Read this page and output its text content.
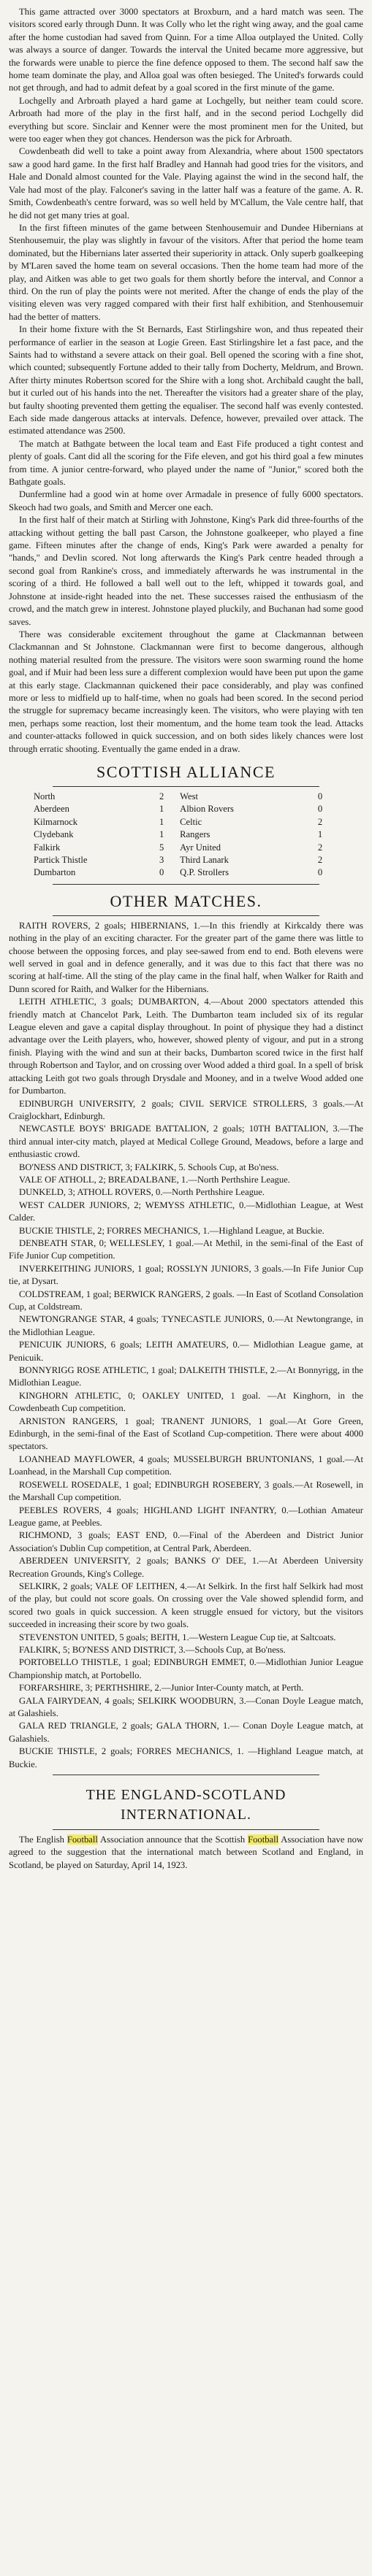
This game attracted over 3000 spectators at Broxburn, and a hard match was seen. The visitors scored early through Dunn. It was Colly who let the right wing away, and the goal came after the home custodian had saved from Quinn. For a time Alloa outplayed the United. Colly was always a source of danger. Towards the interval the United became more aggressive, but the forwards were unable to pierce the fine defence opposed to them. The second half saw the home team dominate the play, and Alloa goal was often besieged. The United's forwards could not get through, and had to admit defeat by a goal scored in the first minute of the game.

Lochgelly and Arbroath played a hard game at Lochgelly, but neither team could score. Arbroath had more of the play in the first half, and in the second period Lochgelly did everything but score. Sinclair and Kenner were the most prominent men for the United, but were too eager when they got chances. Henderson was the pick for Arbroath.

Cowdenbeath did well to take a point away from Alexandria, where about 1500 spectators saw a good hard game. In the first half Bradley and Hannah had good tries for the visitors, and Hale and Donald almost counted for the Vale. Playing against the wind in the second half, the Vale had most of the play. Falconer's saving in the latter half was a feature of the game. A. R. Smith, Cowdenbeath's centre forward, was so well held by M'Callum, the Vale centre half, that he did not get many tries at goal.

In the first fifteen minutes of the game between Stenhousemuir and Dundee Hibernians at Stenhousemuir, the play was slightly in favour of the visitors. After that period the home team dominated, but the Hibernians later asserted their superiority in attack. Only superb goalkeeping by M'Laren saved the home team on several occasions. Then the home team had more of the play, and Aitken was able to get two goals for them shortly before the interval, and Connor a third. On the run of play the points were not merited. After the change of ends the play of the visiting eleven was very ragged compared with their first half exhibition, and Stenhousemuir had the better of matters.

In their home fixture with the St Bernards, East Stirlingshire won, and thus repeated their performance of earlier in the season at Logie Green. East Stirlingshire let a fast pace, and the Saints had to withstand a severe attack on their goal. Bell opened the scoring with a fine shot, which counted; subsequently Fortune added to their tally from Docherty, Meldrum, and Brown. After thirty minutes Robertson scored for the Shire with a long shot. Archibald caught the ball, but it curled out of his hands into the net. Thereafter the visitors had a greater share of the play, but faulty shooting prevented them getting the equaliser. The second half was evenly contested. Each side made dangerous attacks at intervals. Defence, however, prevailed over attack. The estimated attendance was 2500.

The match at Bathgate between the local team and East Fife produced a tight contest and plenty of goals. Cant did all the scoring for the Fife eleven, and got his third goal a few minutes from time. A junior centre-forward, who played under the name of "Junior," scored both the Bathgate goals.

Dunfermline had a good win at home over Armadale in presence of fully 6000 spectators. Skeoch had two goals, and Smith and Mercer one each.

In the first half of their match at Stirling with Johnstone, King's Park did three-fourths of the attacking without getting the ball past Carson, the Johnstone goalkeeper, who played a fine game. Fifteen minutes after the change of ends, King's Park were awarded a penalty for "hands," and Devlin scored. Not long afterwards the King's Park centre headed through a second goal from Rankine's cross, and immediately afterwards he was instrumental in the scoring of a third. He followed a ball well out to the left, whipped it towards goal, and Johnstone at inside-right headed into the net. These successes raised the enthusiasm of the crowd, and the match grew in interest. Johnstone played pluckily, and Buchanan had some good saves.

There was considerable excitement throughout the game at Clackmannan between Clackmannan and St Johnstone. Clackmannan were first to become dangerous, although nothing material resulted from the pressure. The visitors were soon swarming round the home goal, and if Muir had been less sure a different complexion would have been put upon the game at this early stage. Clackmannan quickened their pace considerably, and play was confined more or less to midfield up to half-time, when no goals had been scored. In the second period the struggle for supremacy became increasingly keen. The visitors, who were playing with ten men, perhaps some reaction, lost their momentum, and the home team took the lead. Attacks and counter-attacks followed in quick succession, and on both sides likely chances were lost through erratic shooting. Eventually the game ended in a draw.

SCOTTISH ALLIANCE
North	2	West	0
Aberdeen	1	Albion Rovers	0
Kilmarnock	1	Celtic	2
Clydebank	1	Rangers	1
Falkirk	5	Ayr United	2
Partick Thistle	3	Third Lanark	2
Dumbarton	0	Q.P. Strollers	0
OTHER MATCHES.

RAITH ROVERS, 2 goals; HIBERNIANS, 1.—In this friendly at Kirkcaldy there was nothing in the play of an exciting character. For the greater part of the game there was little to choose between the opposing forces, and play see-sawed from end to end. Both elevens were well served in goal and in defence generally, and it was due to this fact that there was no scoring at half-time. All the sting of the play came in the final half, when Walker for Raith and Dunn scored for Raith, and Walker for the Hibernians.

LEITH ATHLETIC, 3 goals; DUMBARTON, 4.—About 2000 spectators attended this friendly match at Chancelot Park, Leith. The Dumbarton team included six of its regular League eleven and gave a capital display throughout. In point of physique they had a distinct advantage over the Leith players, who, however, showed plenty of vigour, and put in a strong finish. Playing with the wind and sun at their backs, Dumbarton scored twice in the first half through Robertson and Taylor, and on crossing over Wood added a third goal. In a spell of brisk attacking Leith got two goals through Drysdale and Mooney, and in a twelve Wood added one for Dumbarton.

EDINBURGH UNIVERSITY, 2 goals; CIVIL SERVICE STROLLERS, 3 goals.—At Craiglockhart, Edinburgh.

NEWCASTLE BOYS' BRIGADE BATTALION, 2 goals; 10TH BATTALION, 3.—The third annual inter-city match, played at Medical College Ground, Meadows, before a large and enthusiastic crowd.

BO'NESS AND DISTRICT, 3; FALKIRK, 5. Schools Cup, at Bo'ness.

VALE OF ATHOLL, 2; BREADALBANE, 1.—North Perthshire League.

DUNKELD, 3; ATHOLL ROVERS, 0.—North Perthshire League.

WEST CALDER JUNIORS, 2; WEMYSS ATHLETIC, 0.—Midlothian League, at West Calder.

BUCKIE THISTLE, 2; FORRES MECHANICS, 1.—Highland League, at Buckie.

DENBEATH STAR, 0; WELLESLEY, 1 goal.—At Methil, in the semi-final of the East of Fife Junior Cup competition.

INVERKEITHING JUNIORS, 1 goal; ROSSLYN JUNIORS, 3 goals.—In Fife Junior Cup tie, at Dysart.

COLDSTREAM, 1 goal; BERWICK RANGERS, 2 goals. —In East of Scotland Consolation Cup, at Coldstream.

NEWTONGRANGE STAR, 4 goals; TYNECASTLE JUNIORS, 0.—At Newtongrange, in the Midlothian League.

PENICUIK JUNIORS, 6 goals; LEITH AMATEURS, 0.— Midlothian League game, at Penicuik.

BONNYRIGG ROSE ATHLETIC, 1 goal; DALKEITH THISTLE, 2.—At Bonnyrigg, in the Midlothian League.

KINGHORN ATHLETIC, 0; OAKLEY UNITED, 1 goal. —At Kinghorn, in the Cowdenbeath Cup competition.

ARNISTON RANGERS, 1 goal; TRANENT JUNIORS, 1 goal.—At Gore Green, Edinburgh, in the semi-final of the East of Scotland Cup-competition. There were about 4000 spectators.

LOANHEAD MAYFLOWER, 4 goals; MUSSELBURGH BRUNTONIANS, 1 goal.—At Loanhead, in the Marshall Cup competition.

ROSEWELL ROSEDALE, 1 goal; EDINBURGH ROSEBERY, 3 goals.—At Rosewell, in the Marshall Cup competition.

PEEBLES ROVERS, 4 goals; HIGHLAND LIGHT INFANTRY, 0.—Lothian Amateur League game, at Peebles.

RICHMOND, 3 goals; EAST END, 0.—Final of the Aberdeen and District Junior Association's Dublin Cup competition, at Central Park, Aberdeen.

ABERDEEN UNIVERSITY, 2 goals; BANKS O' DEE, 1.—At Aberdeen University Recreation Grounds, King's College.

SELKIRK, 2 goals; VALE OF LEITHEN, 4.—At Selkirk. In the first half Selkirk had most of the play, but could not score goals. On crossing over the Vale showed splendid form, and scored two goals in quick succession. A keen struggle ensued for victory, but the visitors succeeded in increasing their score by two goals.

STEVENSTON UNITED, 5 goals; BEITH, 1.—Western League Cup tie, at Saltcoats.

FALKIRK, 5; BO'NESS AND DISTRICT, 3.—Schools Cup, at Bo'ness.

PORTOBELLO THISTLE, 1 goal; EDINBURGH EMMET, 0.—Midlothian Junior League Championship match, at Portobello.

FORFARSHIRE, 3; PERTHSHIRE, 2.—Junior Inter-County match, at Perth.

GALA FAIRYDEAN, 4 goals; SELKIRK WOODBURN, 3.—Conan Doyle League match, at Galashiels.

GALA RED TRIANGLE, 2 goals; GALA THORN, 1.— Conan Doyle League match, at Galashiels.

BUCKIE THISTLE, 2 goals; FORRES MECHANICS, 1. —Highland League match, at Buckie.

THE ENGLAND-SCOTLAND
INTERNATIONAL.

The English Football Association announce that the Scottish Football Association have now agreed to the suggestion that the international match between Scotland and England, in Scotland, be played on Saturday, April 14, 1923.
